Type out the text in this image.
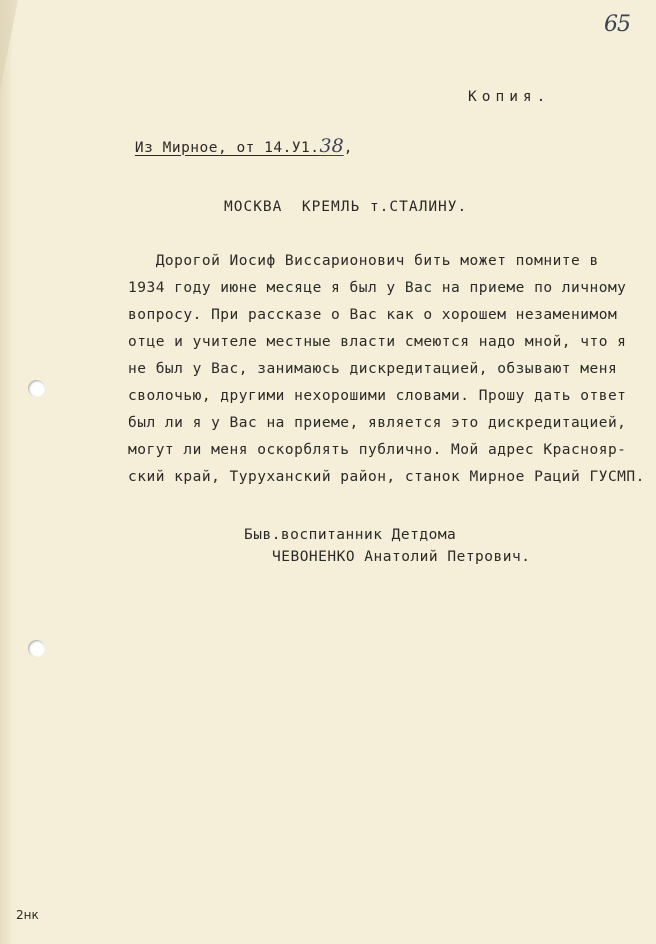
65
Копия.

Из Мирное, от 14.У1.38,

МОСКВА  КРЕМЛЬ т.СТАЛИНУ.
Дорогой Иосиф Виссарионович бить может помните в
1934 году июне месяце я был у Вас на приеме по личному
вопросу. При рассказе о Вас как о хорошем незаменимом
отце и учителе местные власти смеются надо мной, что я
не был у Вас, занимаюсь дискредитацией, обзывают меня
сволочью, другими нехорошими словами. Прошу дать ответ
был ли я у Вас на приеме, является это дискредитацией,
могут ли меня оскорблять публично. Мой адрес Краснояр-
ский край, Туруханский район, станок Мирное Раций ГУСМП.
Быв.воспитанник Детдома
ЧЕВОНЕНКО Анатолий Петрович.
2нк
